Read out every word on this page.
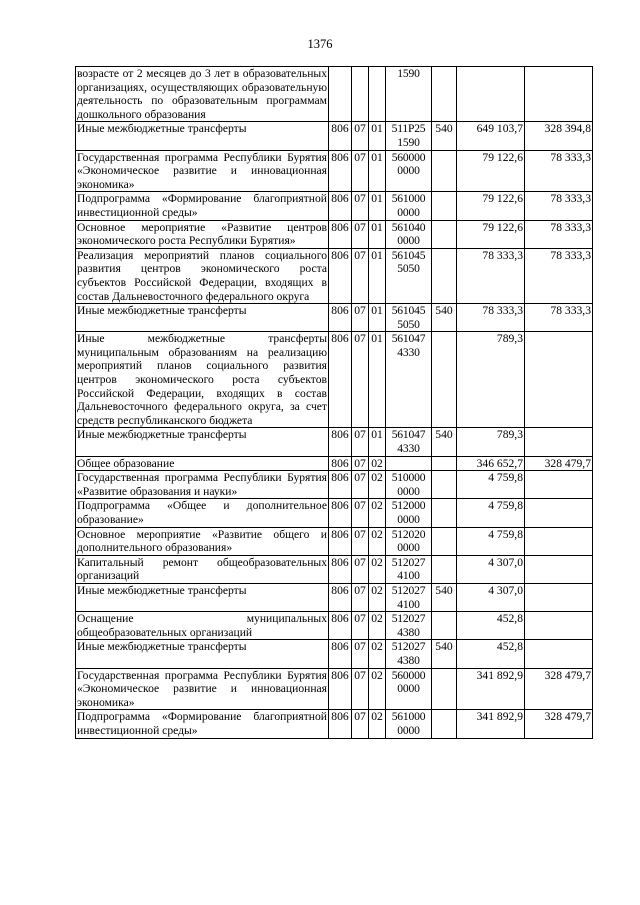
1376
возрасте от 2 месяцев до 3 лет в образовательных организациях, осуществляющих образовательную деятельность по образовательным программам дошкольного образования				1590			
Иные межбюджетные трансферты	806	07	01	511P25 1590	540	649 103,7	328 394,8
Государственная программа Республики Бурятия «Экономическое развитие и инновационная экономика»	806	07	01	560000 0000		79 122,6	78 333,3
Подпрограмма «Формирование благоприятной инвестиционной среды»	806	07	01	561000 0000		79 122,6	78 333,3
Основное мероприятие «Развитие центров экономического роста Республики Бурятия»	806	07	01	561040 0000		79 122,6	78 333,3
Реализация мероприятий планов социального развития центров экономического роста субъектов Российской Федерации, входящих в состав Дальневосточного федерального округа	806	07	01	561045 5050		78 333,3	78 333,3
Иные межбюджетные трансферты	806	07	01	561045 5050	540	78 333,3	78 333,3
Иные межбюджетные трансферты муниципальным образованиям на реализацию мероприятий планов социального развития центров экономического роста субъектов Российской Федерации, входящих в состав Дальневосточного федерального округа, за счет средств республиканского бюджета	806	07	01	561047 4330		789,3	
Иные межбюджетные трансферты	806	07	01	561047 4330	540	789,3	
Общее образование	806	07	02			346 652,7	328 479,7
Государственная программа Республики Бурятия «Развитие образования и науки»	806	07	02	510000 0000		4 759,8	
Подпрограмма «Общее и дополнительное образование»	806	07	02	512000 0000		4 759,8	
Основное мероприятие «Развитие общего и дополнительного образования»	806	07	02	512020 0000		4 759,8	
Капитальный ремонт общеобразовательных организаций	806	07	02	512027 4100		4 307,0	
Иные межбюджетные трансферты	806	07	02	512027 4100	540	4 307,0	
Оснащение муниципальных общеобразовательных организаций	806	07	02	512027 4380		452,8	
Иные межбюджетные трансферты	806	07	02	512027 4380	540	452,8	
Государственная программа Республики Бурятия «Экономическое развитие и инновационная экономика»	806	07	02	560000 0000		341 892,9	328 479,7
Подпрограмма «Формирование благоприятной инвестиционной среды»	806	07	02	561000 0000		341 892,9	328 479,7
